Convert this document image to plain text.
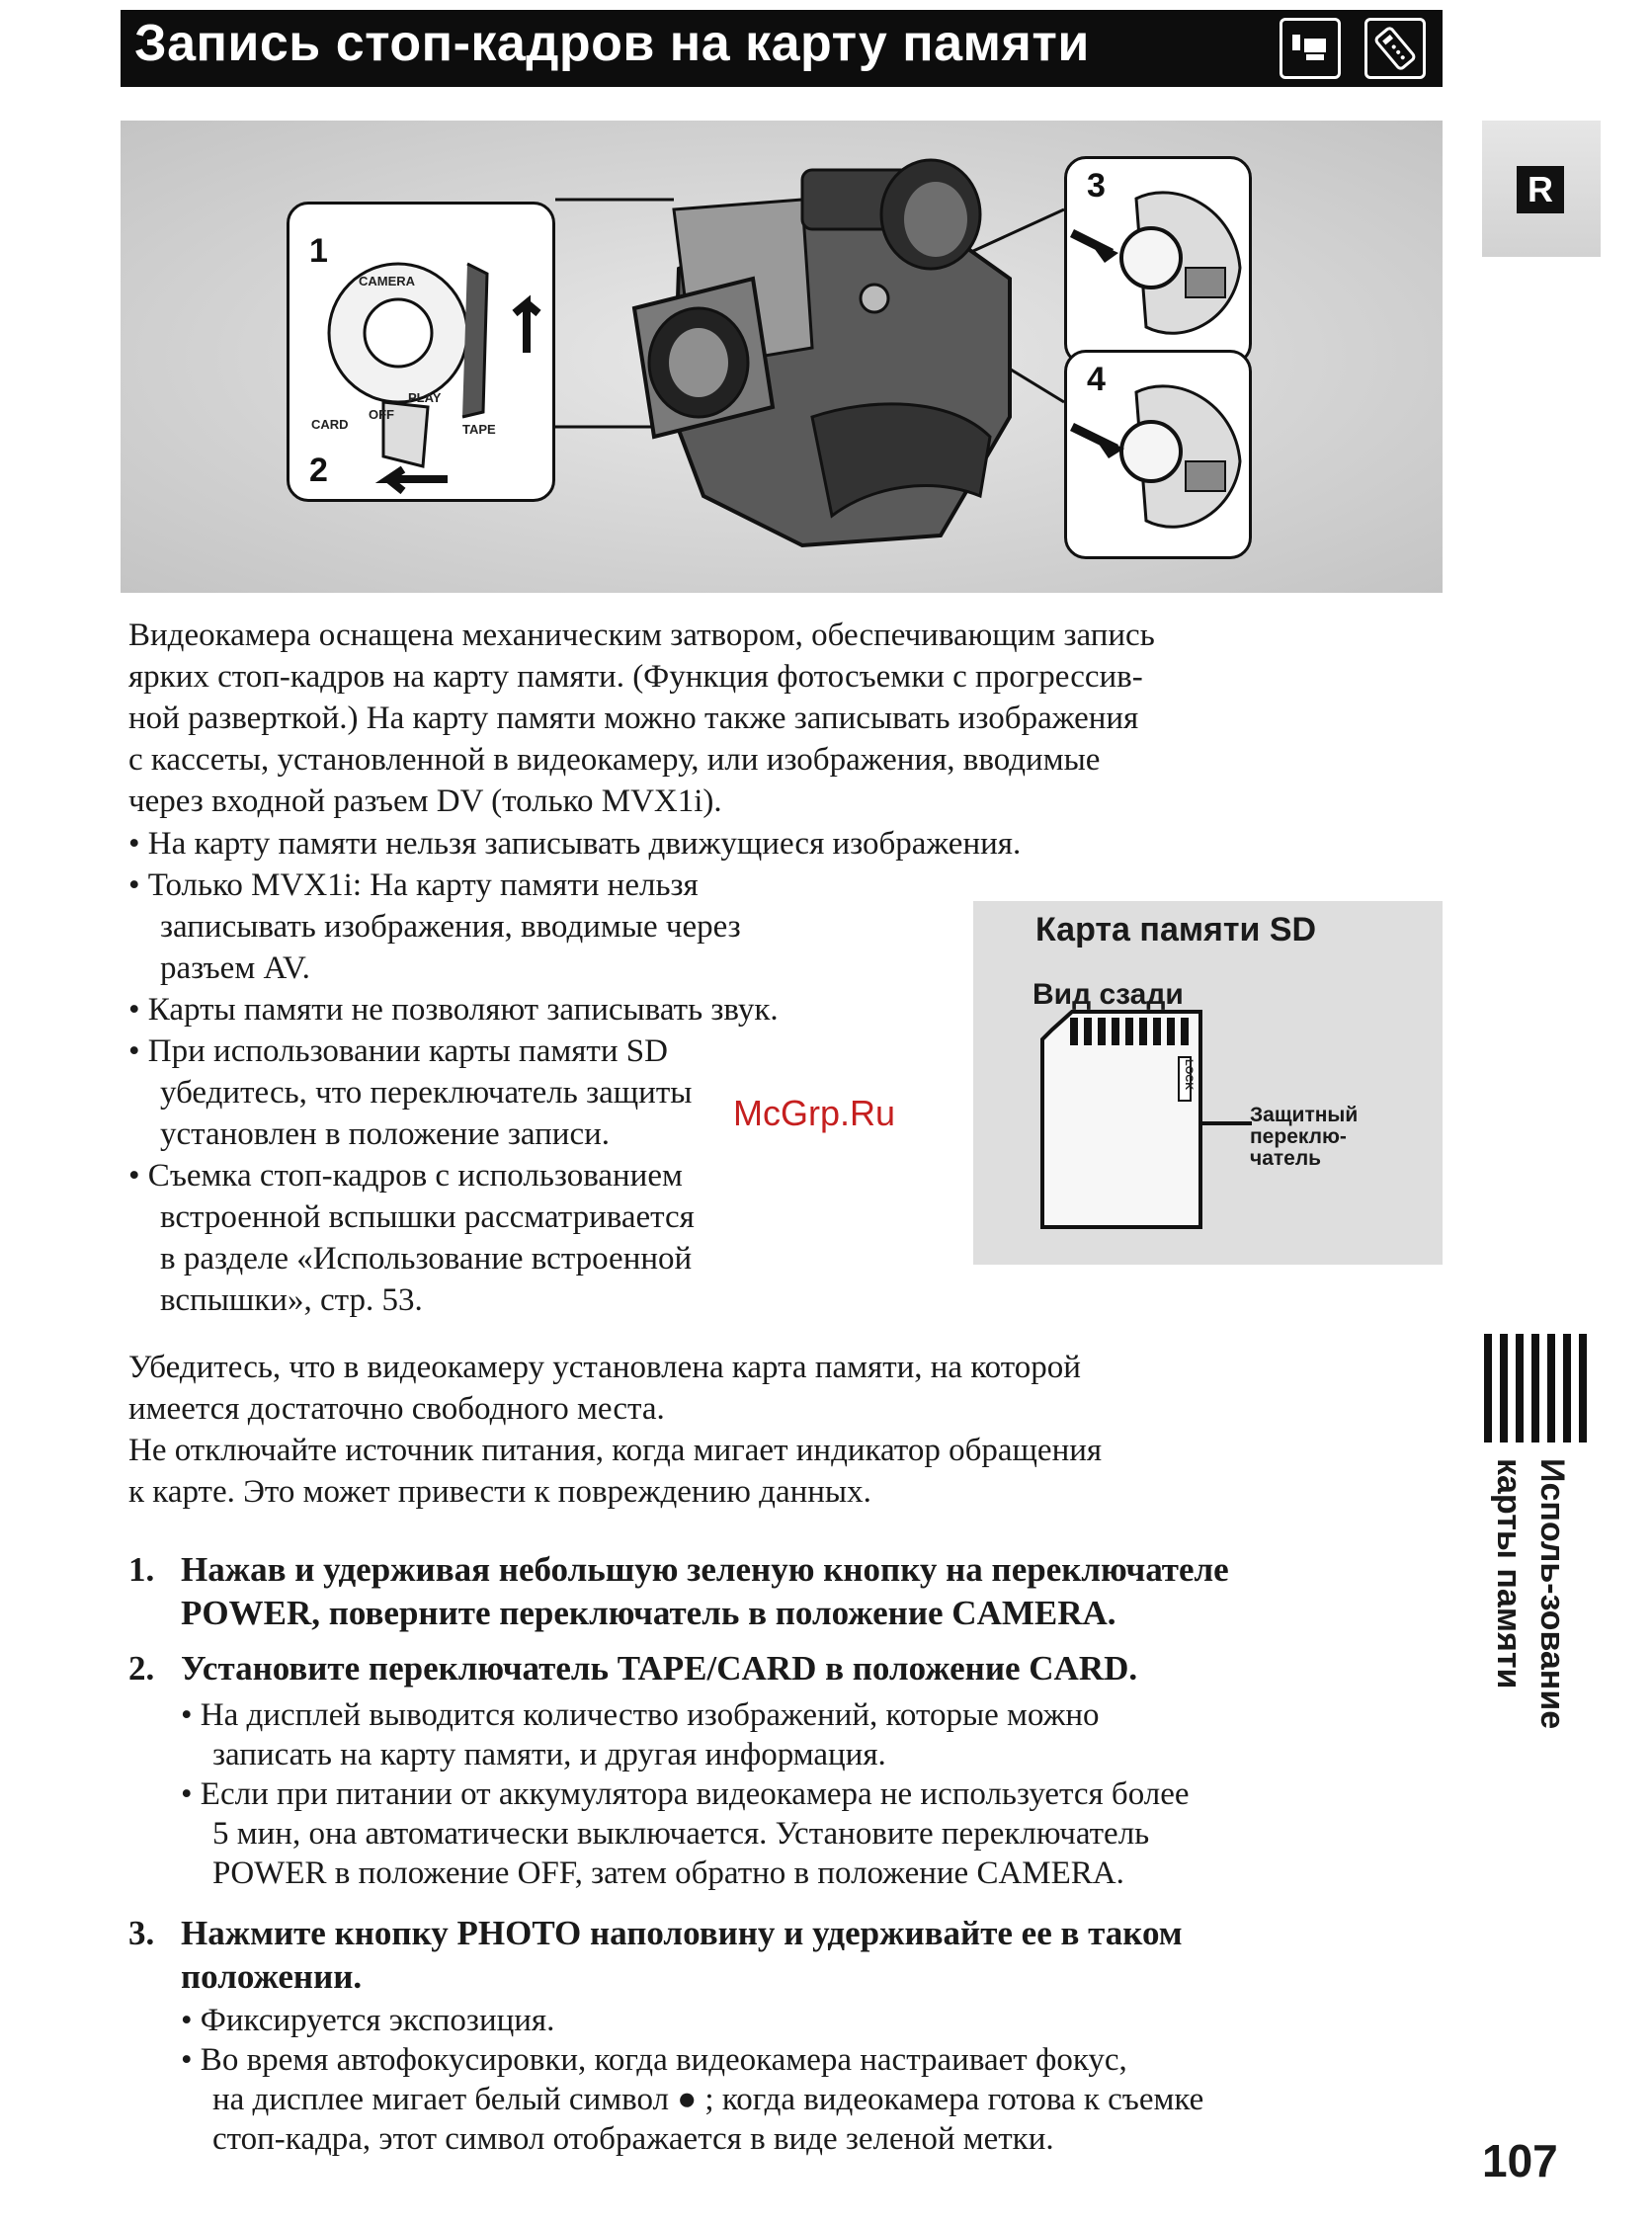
Запись стоп-кадров на карту памяти
R
1
2
CAMERA
OFF
PLAY
CARD	TAPE
3
4
Видеокамера оснащена механическим затвором, обеспечивающим запись
ярких стоп-кадров на карту памяти. (Функция фотосъемки с прогрессив-
ной разверткой.) На карту памяти можно также записывать изображения
с кассеты, установленной в видеокамеру, или изображения, вводимые
через входной разъем DV (только MVX1i).
• На карту памяти нельзя записывать движущиеся изображения.
• Только MVX1i: На карту памяти нельзя
записывать изображения, вводимые через
разъем AV.
• Карты памяти не позволяют записывать звук.
• При использовании карты памяти SD
убедитесь, что переключатель защиты
установлен в положение записи.
• Съемка стоп-кадров с использованием
встроенной вспышки рассматривается
в разделе «Использование встроенной
вспышки», стр. 53.
LOCK
Карта памяти SD
Вид сзади
Защитный
переклю-
чатель
McGrp.Ru
Убедитесь, что в видеокамеру установлена карта памяти, на которой
имеется достаточно свободного места.
Не отключайте источник питания, когда мигает индикатор обращения
к карте. Это может привести к повреждению данных.
1. Нажав и удерживая небольшую зеленую кнопку на переключателе
POWER, поверните переключатель в положение CAMERA.
2. Установите переключатель TAPE/CARD в положение CARD.
• На дисплей выводится количество изображений, которые можно
записать на карту памяти, и другая информация.
• Если при питании от аккумулятора видеокамера не используется более
5 мин, она автоматически выключается. Установите переключатель
POWER в положение OFF, затем обратно в положение CAMERA.
3. Нажмите кнопку PHOTO наполовину и удерживайте ее в таком
положении.
• Фиксируется экспозиция.
• Во время автофокусировки, когда видеокамера настраивает фокус,
на дисплее мигает белый символ ● ; когда видеокамера готова к съемке
стоп-кадра, этот символ отображается в виде зеленой метки.
Исполь-зование
карты памяти
107
